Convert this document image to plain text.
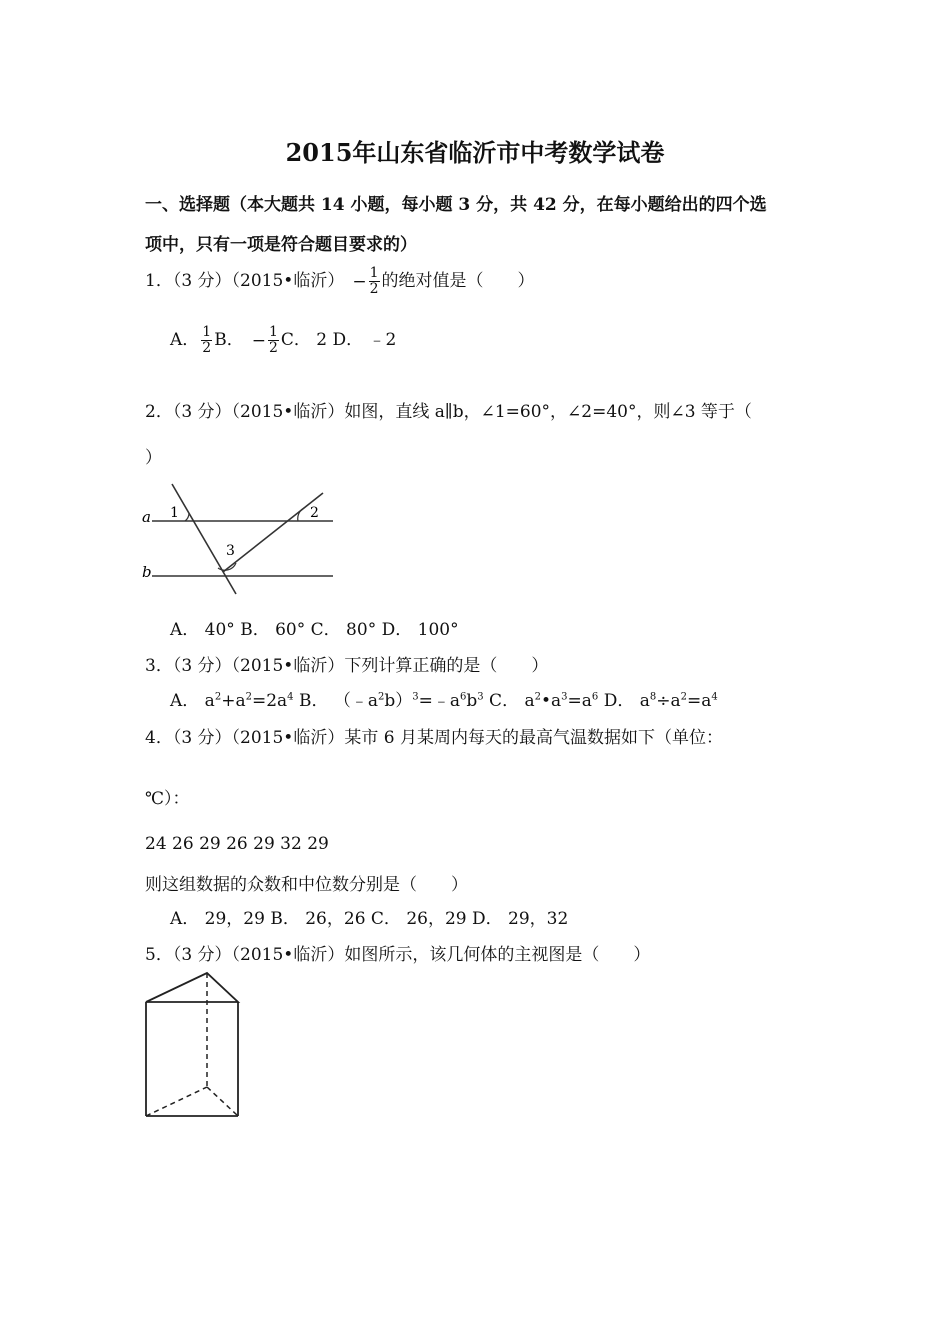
2015年山东省临沂市中考数学试卷
一、选择题（本大题共 14 小题，每小题 3 分，共 42 分，在每小题给出的四个选
项中，只有一项是符合题目要求的）
1．（3 分）（2015•临沂） − $\frac{1}{2}$ 的绝对值是（　　）
A． $\frac{1}{2}$ B． − $\frac{1}{2}$ C． 2 D． ﹣2
2．（3 分）（2015•临沂）如图，直线 a∥b，∠1=60°，∠2=40°，则∠3 等于（
）
a
b
1	2
3
A． 40° B． 60° C． 80° D． 100°
3．（3 分）（2015•临沂）下列计算正确的是（　　）
A． $a^2+a^2=2a^4$ B． $(﹣a^2b)^3=﹣a^6b^3$ C． $a^2•a^3=a^6$ D． $a^8\div a^2=a^4$
4．（3 分）（2015•临沂）某市 6 月某周内每天的最高气温数据如下（单位：
℃）：
24 26 29 26 29 32 29
则这组数据的众数和中位数分别是（　　）
A． 29，29 B． 26，26 C． 26，29 D． 29，32
5．（3 分）（2015•临沂）如图所示，该几何体的主视图是（　　）
